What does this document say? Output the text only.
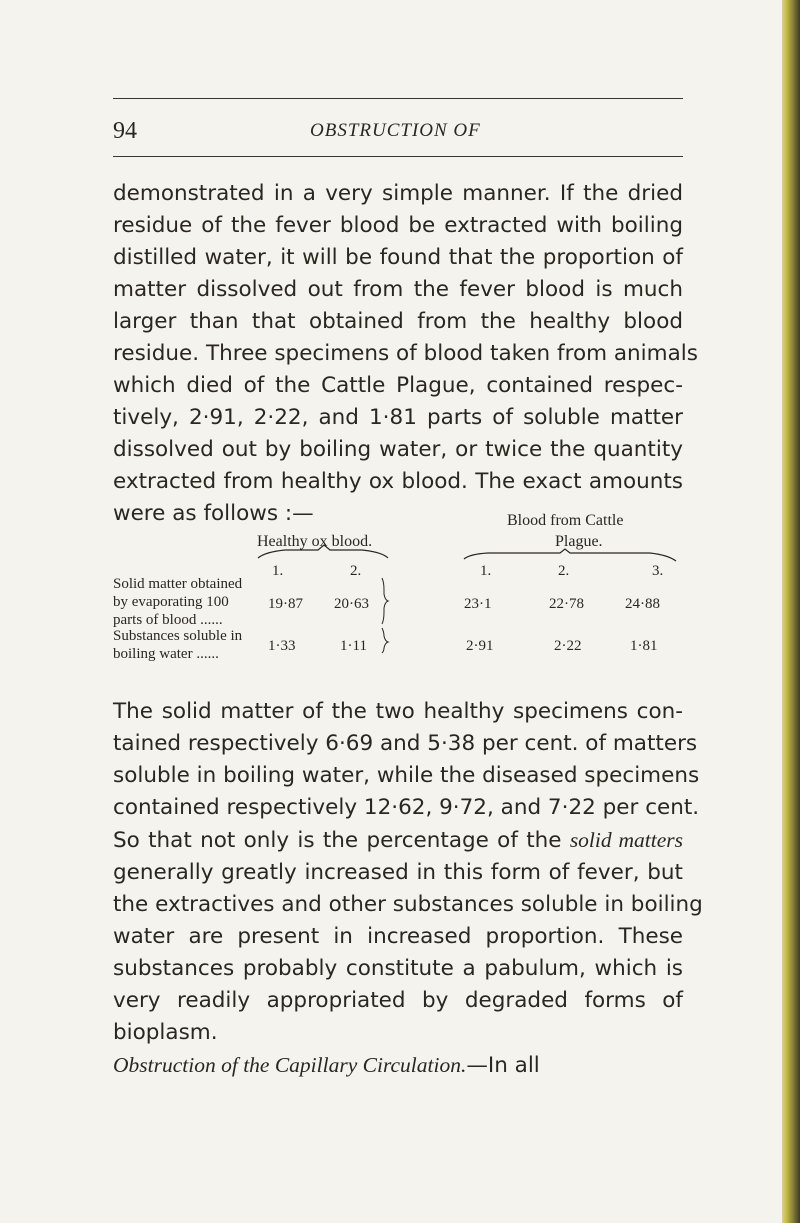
94	OBSTRUCTION OF

demonstrated in a very simple manner. If the dried
residue of the fever blood be extracted with boiling
distilled water, it will be found that the proportion of
matter dissolved out from the fever blood is much
larger than that obtained from the healthy blood
residue. Three specimens of blood taken from animals
which died of the Cattle Plague, contained respec-
tively, 2·91, 2·22, and 1·81 parts of soluble matter
dissolved out by boiling water, or twice the quantity
extracted from healthy ox blood. The exact amounts
were as follows :—

Healthy ox blood.
Blood from Cattle
Plague.
1.	2.	1.	2.	3.
Solid matter obtained
by evaporating 100
parts of blood ......
19·87 20·63	23·1	22·78	24·88
Substances soluble in
boiling water ......	1·33	1·11	2·91	2·22	1·81

The solid matter of the two healthy specimens con-
tained respectively 6·69 and 5·38 per cent. of matters
soluble in boiling water, while the diseased specimens
contained respectively 12·62, 9·72, and 7·22 per cent.
So that not only is the percentage of the solid matters
generally greatly increased in this form of fever, but
the extractives and other substances soluble in boiling
water are present in increased proportion. These
substances probably constitute a pabulum, which is
very readily appropriated by degraded forms of
bioplasm.
Obstruction of the Capillary Circulation.—In all
